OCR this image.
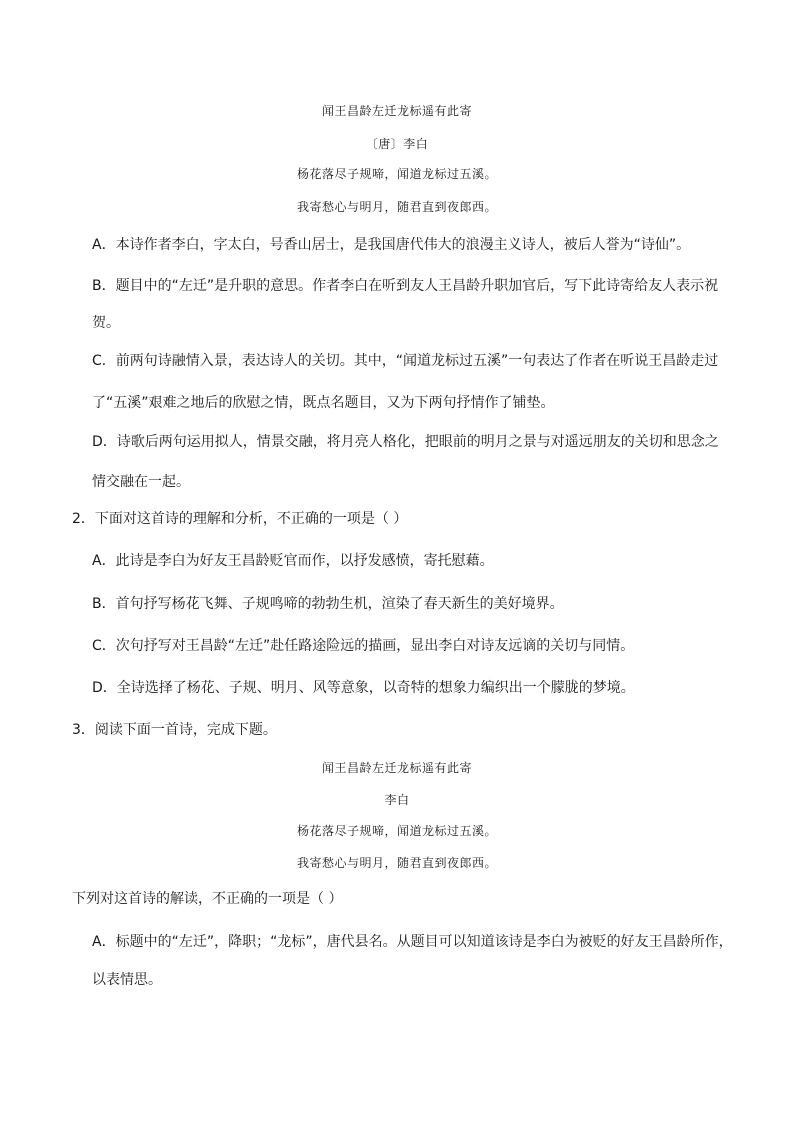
闻王昌龄左迁龙标遥有此寄
〔唐〕李白
杨花落尽子规啼，闻道龙标过五溪。
我寄愁心与明月，随君直到夜郎西。
A．本诗作者李白，字太白，号香山居士，是我国唐代伟大的浪漫主义诗人，被后人誉为“诗仙”。
B．题目中的“左迁”是升职的意思。作者李白在听到友人王昌龄升职加官后，写下此诗寄给友人表示祝
贺。
C．前两句诗融情入景，表达诗人的关切。其中，“闻道龙标过五溪”一句表达了作者在听说王昌龄走过
了“五溪”艰难之地后的欣慰之情，既点名题目，又为下两句抒情作了铺垫。
D．诗歌后两句运用拟人，情景交融，将月亮人格化，把眼前的明月之景与对遥远朋友的关切和思念之
情交融在一起。
2．下面对这首诗的理解和分析，不正确的一项是（ ）
A．此诗是李白为好友王昌龄贬官而作，以抒发感愤，寄托慰藉。
B．首句抒写杨花飞舞、子规鸣啼的勃勃生机，渲染了春天新生的美好境界。
C．次句抒写对王昌龄“左迁”赴任路途险远的描画，显出李白对诗友远谪的关切与同情。
D．全诗选择了杨花、子规、明月、风等意象，以奇特的想象力编织出一个朦胧的梦境。
3．阅读下面一首诗，完成下题。
闻王昌龄左迁龙标遥有此寄
李白
杨花落尽子规啼，闻道龙标过五溪。
我寄愁心与明月，随君直到夜郎西。
下列对这首诗的解读，不正确的一项是（ ）
A．标题中的“左迁”，降职；“龙标”，唐代县名。从题目可以知道该诗是李白为被贬的好友王昌龄所作，
以表情思。
